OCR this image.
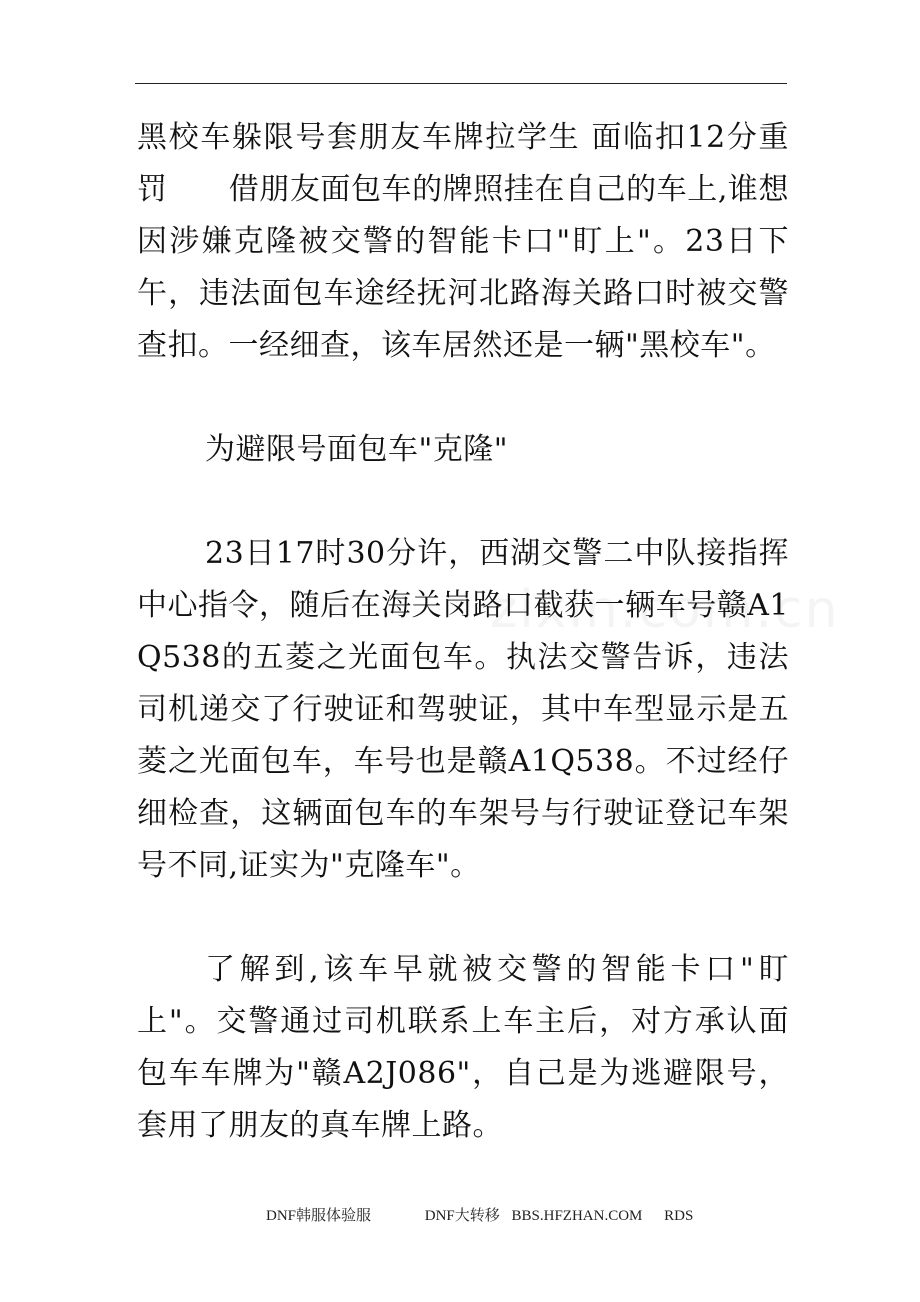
黑校车躲限号套朋友车牌拉学生 面临扣12分重罚　　借朋友面包车的牌照挂在自己的车上,谁想因涉嫌克隆被交警的智能卡口"盯上"。23日下午，违法面包车途经抚河北路海关路口时被交警查扣。一经细查，该车居然还是一辆"黑校车"。

为避限号面包车"克隆"

23日17时30分许，西湖交警二中队接指挥中心指令，随后在海关岗路口截获一辆车号赣A1Q538的五菱之光面包车。执法交警告诉，违法司机递交了行驶证和驾驶证，其中车型显示是五菱之光面包车，车号也是赣A1Q538。不过经仔细检查，这辆面包车的车架号与行驶证登记车架号不同,证实为"克隆车"。

了解到,该车早就被交警的智能卡口"盯上"。交警通过司机联系上车主后，对方承认面包车车牌为"赣A2J086"，自己是为逃避限号，套用了朋友的真车牌上路。

DNF韩服体验服	DNF大转移 BBS.HFZHAN.COM RDS
